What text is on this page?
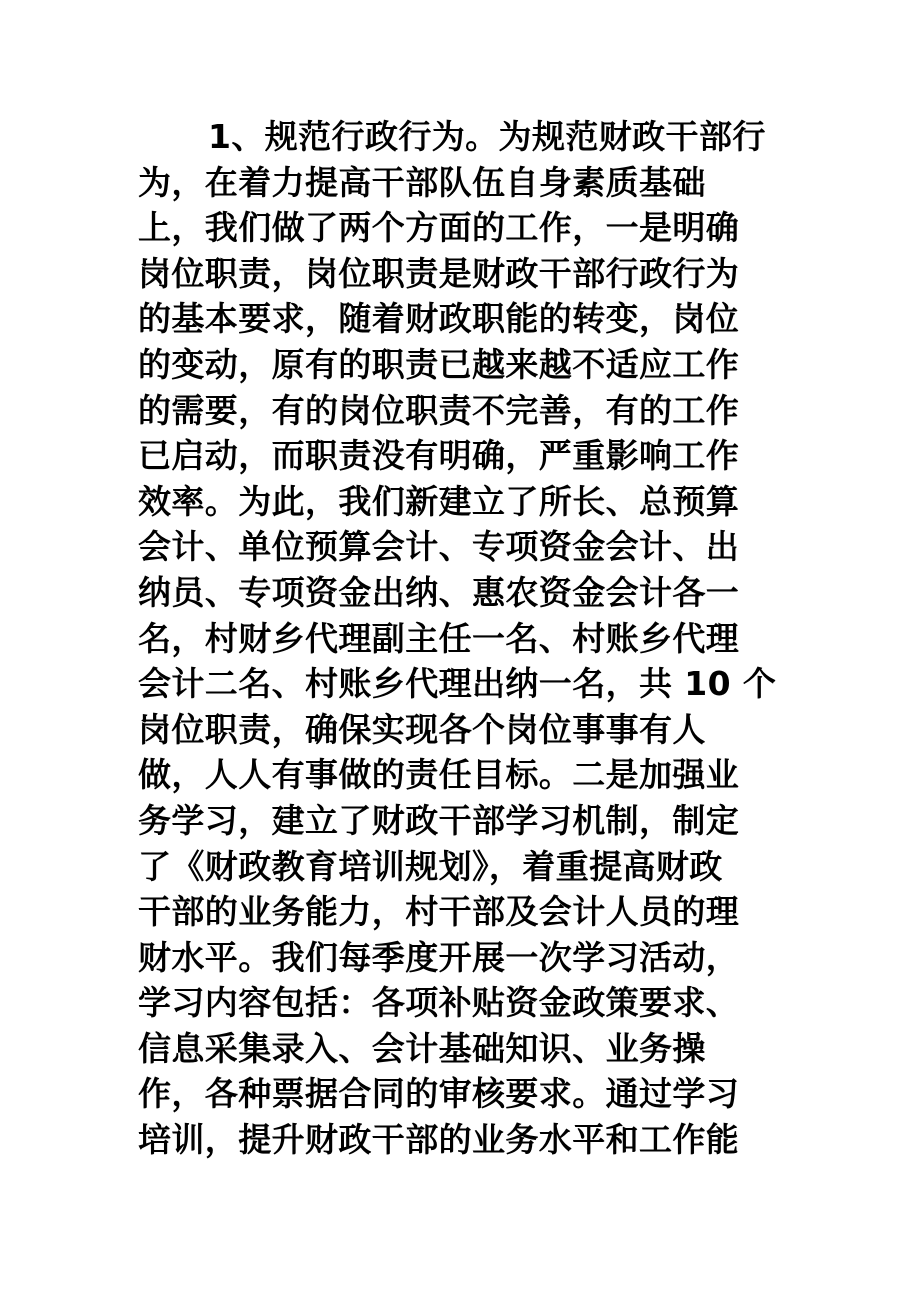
1、规范行政行为。为规范财政干部行
为，在着力提高干部队伍自身素质基础
上，我们做了两个方面的工作，一是明确
岗位职责，岗位职责是财政干部行政行为
的基本要求，随着财政职能的转变，岗位
的变动，原有的职责已越来越不适应工作
的需要，有的岗位职责不完善，有的工作
已启动，而职责没有明确，严重影响工作
效率。为此，我们新建立了所长、总预算
会计、单位预算会计、专项资金会计、出
纳员、专项资金出纳、惠农资金会计各一
名，村财乡代理副主任一名、村账乡代理
会计二名、村账乡代理出纳一名，共 10 个
岗位职责，确保实现各个岗位事事有人
做，人人有事做的责任目标。二是加强业
务学习，建立了财政干部学习机制，制定
了《财政教育培训规划》，着重提高财政
干部的业务能力，村干部及会计人员的理
财水平。我们每季度开展一次学习活动，
学习内容包括：各项补贴资金政策要求、
信息采集录入、会计基础知识、业务操
作，各种票据合同的审核要求。通过学习
培训，提升财政干部的业务水平和工作能
